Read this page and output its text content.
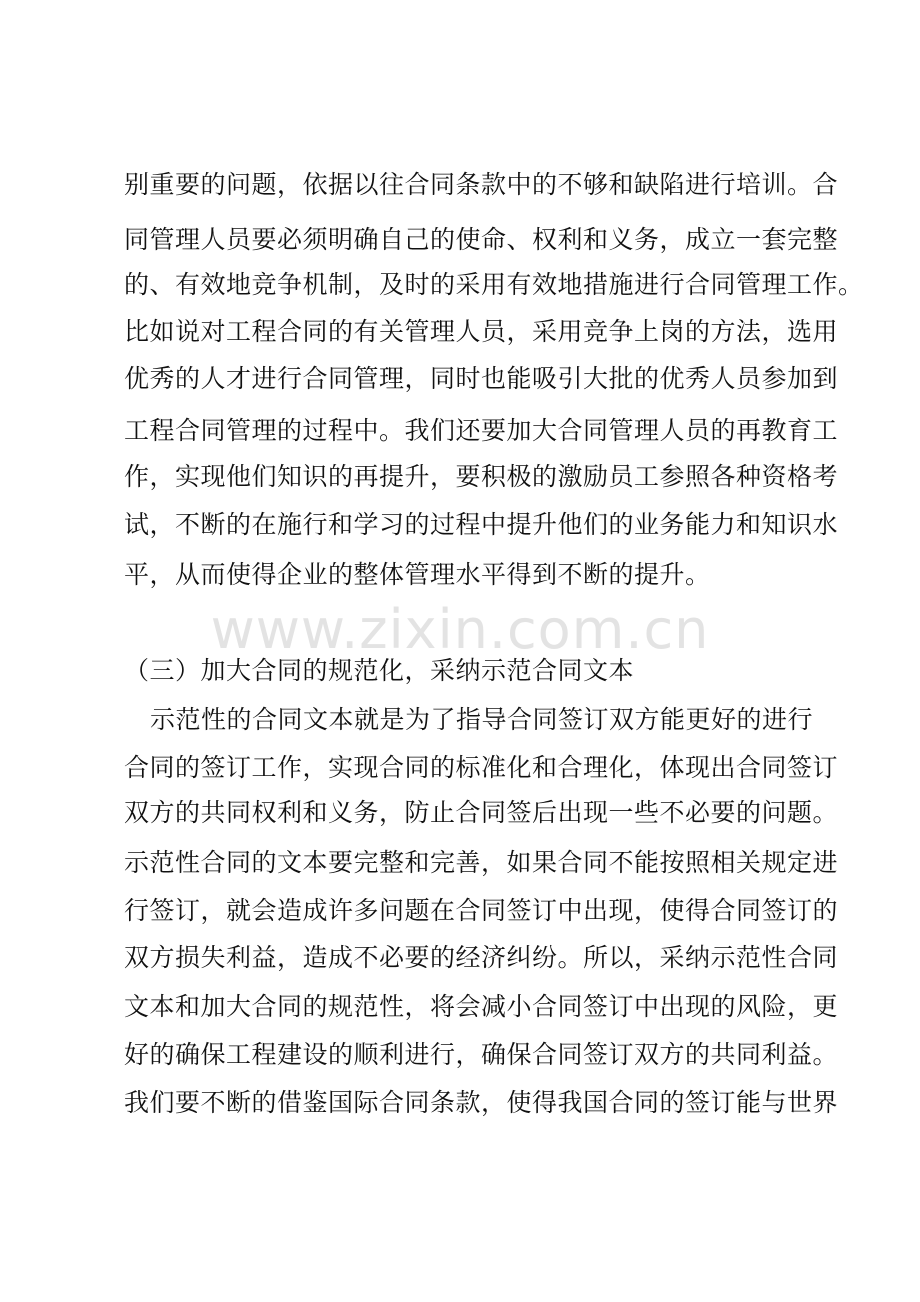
www.zixin.com.cn
别重要的问题，依据以往合同条款中的不够和缺陷进行培训。合
同管理人员要必须明确自己的使命、权利和义务，成立一套完整
的、有效地竞争机制，及时的采用有效地措施进行合同管理工作。
比如说对工程合同的有关管理人员，采用竞争上岗的方法，选用
优秀的人才进行合同管理，同时也能吸引大批的优秀人员参加到
工程合同管理的过程中。我们还要加大合同管理人员的再教育工
作，实现他们知识的再提升，要积极的激励员工参照各种资格考
试，不断的在施行和学习的过程中提升他们的业务能力和知识水
平，从而使得企业的整体管理水平得到不断的提升。
（三）加大合同的规范化，采纳示范合同文本
示范性的合同文本就是为了指导合同签订双方能更好的进行
合同的签订工作，实现合同的标准化和合理化，体现出合同签订
双方的共同权利和义务，防止合同签后出现一些不必要的问题。
示范性合同的文本要完整和完善，如果合同不能按照相关规定进
行签订，就会造成许多问题在合同签订中出现，使得合同签订的
双方损失利益，造成不必要的经济纠纷。所以，采纳示范性合同
文本和加大合同的规范性，将会减小合同签订中出现的风险，更
好的确保工程建设的顺利进行，确保合同签订双方的共同利益。
我们要不断的借鉴国际合同条款，使得我国合同的签订能与世界
